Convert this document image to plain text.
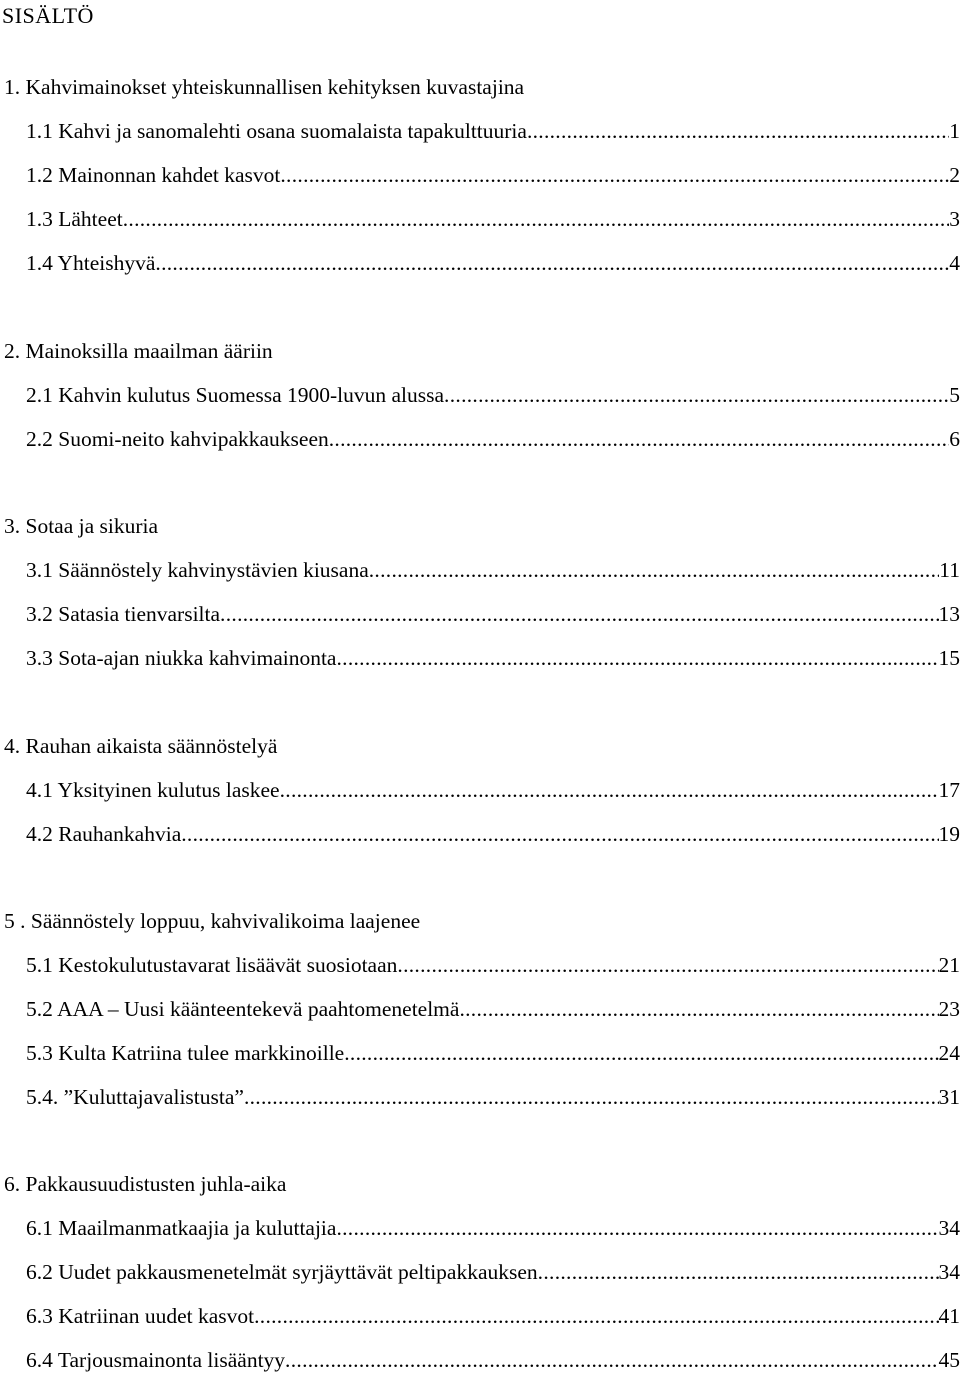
SISÄLTÖ
1. Kahvimainokset yhteiskunnallisen kehityksen kuvastajina
1.1 Kahvi ja sanomalehti osana suomalaista tapakulttuuria .....	1
1.2 Mainonnan kahdet kasvot .....	2
1.3 Lähteet .....	3
1.4 Yhteishyvä .....	4
2. Mainoksilla maailman ääriin
2.1 Kahvin kulutus Suomessa 1900-luvun alussa .....	5
2.2 Suomi-neito kahvipakkaukseen .....	6
3. Sotaa ja sikuria
3.1 Säännöstely kahvinystävien kiusana .....	11
3.2 Satasia tienvarsilta .....	13
3.3 Sota-ajan niukka kahvimainonta .....	15
4. Rauhan aikaista säännöstelyä
4.1 Yksityinen kulutus laskee .....	17
4.2 Rauhankahvia .....	19
5 . Säännöstely loppuu, kahvivalikoima laajenee
5.1 Kestokulutustavarat lisäävät suosiotaan .....	21
5.2 AAA – Uusi käänteentekevä paahtomenetelmä .....	23
5.3 Kulta Katriina tulee markkinoille .....	24
5.4. ”Kuluttajavalistusta” .....	31
6. Pakkausuudistusten juhla-aika
6.1 Maailmanmatkaajia ja kuluttajia .....	34
6.2 Uudet pakkausmenetelmät syrjäyttävät peltipakkauksen .....	34
6.3 Katriinan uudet kasvot .....	41
6.4 Tarjousmainonta lisääntyy .....	45
